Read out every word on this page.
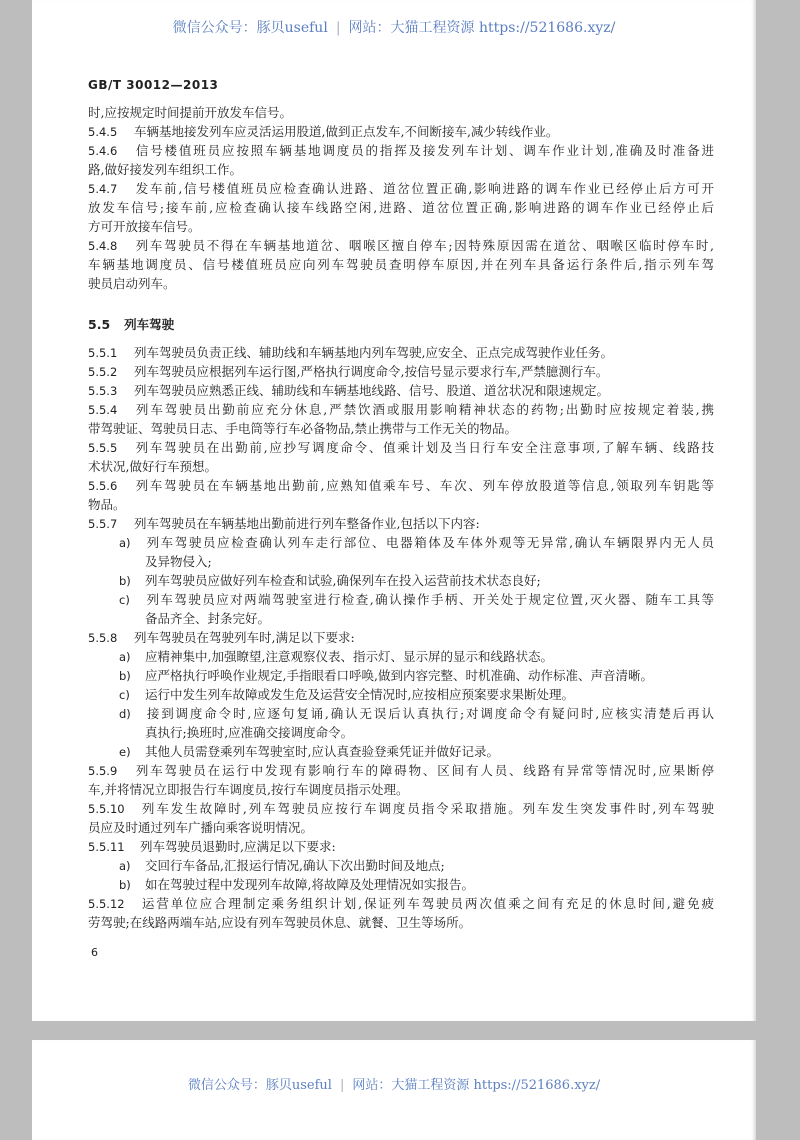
微信公众号：豚贝useful | 网站：大猫工程资源 https://521686.xyz/
GB/T 30012—2013
时,应按规定时间提前开放发车信号。
5.4.5 车辆基地接发列车应灵活运用股道,做到正点发车,不间断接车,减少转线作业。
5.4.6 信号楼值班员应按照车辆基地调度员的指挥及接发列车计划、调车作业计划,准确及时准备进
路,做好接发列车组织工作。
5.4.7 发车前,信号楼值班员应检查确认进路、道岔位置正确,影响进路的调车作业已经停止后方可开
放发车信号;接车前,应检查确认接车线路空闲,进路、道岔位置正确,影响进路的调车作业已经停止后
方可开放接车信号。
5.4.8 列车驾驶员不得在车辆基地道岔、咽喉区擅自停车;因特殊原因需在道岔、咽喉区临时停车时,
车辆基地调度员、信号楼值班员应向列车驾驶员查明停车原因,并在列车具备运行条件后,指示列车驾
驶员启动列车。
5.5 列车驾驶
5.5.1 列车驾驶员负责正线、辅助线和车辆基地内列车驾驶,应安全、正点完成驾驶作业任务。
5.5.2 列车驾驶员应根据列车运行图,严格执行调度命令,按信号显示要求行车,严禁臆测行车。
5.5.3 列车驾驶员应熟悉正线、辅助线和车辆基地线路、信号、股道、道岔状况和限速规定。
5.5.4 列车驾驶员出勤前应充分休息,严禁饮酒或服用影响精神状态的药物;出勤时应按规定着装,携
带驾驶证、驾驶员日志、手电筒等行车必备物品,禁止携带与工作无关的物品。
5.5.5 列车驾驶员在出勤前,应抄写调度命令、值乘计划及当日行车安全注意事项,了解车辆、线路技
术状况,做好行车预想。
5.5.6 列车驾驶员在车辆基地出勤前,应熟知值乘车号、车次、列车停放股道等信息,领取列车钥匙等
物品。
5.5.7 列车驾驶员在车辆基地出勤前进行列车整备作业,包括以下内容:
a) 列车驾驶员应检查确认列车走行部位、电器箱体及车体外观等无异常,确认车辆限界内无人员
及异物侵入;
b) 列车驾驶员应做好列车检查和试验,确保列车在投入运营前技术状态良好;
c) 列车驾驶员应对两端驾驶室进行检查,确认操作手柄、开关处于规定位置,灭火器、随车工具等
备品齐全、封条完好。
5.5.8 列车驾驶员在驾驶列车时,满足以下要求:
a) 应精神集中,加强瞭望,注意观察仪表、指示灯、显示屏的显示和线路状态。
b) 应严格执行呼唤作业规定,手指眼看口呼唤,做到内容完整、时机准确、动作标准、声音清晰。
c) 运行中发生列车故障或发生危及运营安全情况时,应按相应预案要求果断处理。
d) 接到调度命令时,应逐句复诵,确认无误后认真执行;对调度命令有疑问时,应核实清楚后再认
真执行;换班时,应准确交接调度命令。
e) 其他人员需登乘列车驾驶室时,应认真查验登乘凭证并做好记录。
5.5.9 列车驾驶员在运行中发现有影响行车的障碍物、区间有人员、线路有异常等情况时,应果断停
车,并将情况立即报告行车调度员,按行车调度员指示处理。
5.5.10 列车发生故障时,列车驾驶员应按行车调度员指令采取措施。列车发生突发事件时,列车驾驶
员应及时通过列车广播向乘客说明情况。
5.5.11 列车驾驶员退勤时,应满足以下要求:
a) 交回行车备品,汇报运行情况,确认下次出勤时间及地点;
b) 如在驾驶过程中发现列车故障,将故障及处理情况如实报告。
5.5.12 运营单位应合理制定乘务组织计划,保证列车驾驶员两次值乘之间有充足的休息时间,避免疲
劳驾驶;在线路两端车站,应设有列车驾驶员休息、就餐、卫生等场所。
6
微信公众号：豚贝useful | 网站：大猫工程资源 https://521686.xyz/
